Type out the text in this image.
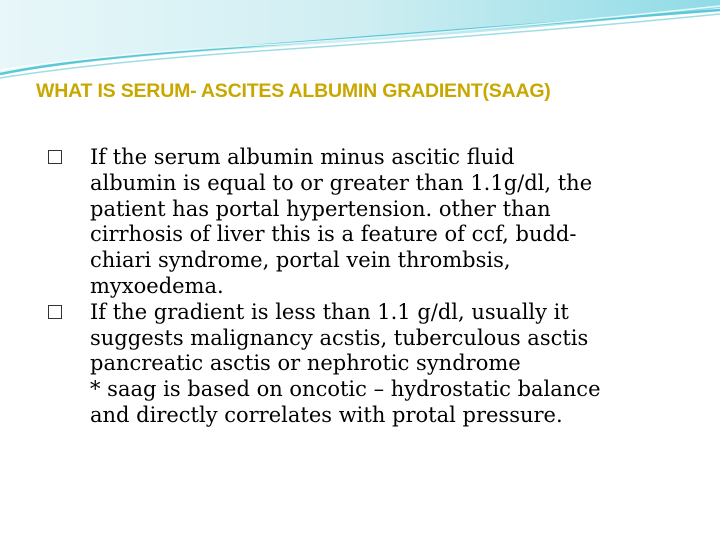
WHAT IS SERUM- ASCITES ALBUMIN GRADIENT(SAAG)
If the serum albumin minus ascitic fluid
albumin is equal to or greater than 1.1g/dl, the
patient has portal hypertension. other than
cirrhosis of liver this is a feature of ccf, budd-
chiari syndrome, portal vein thrombsis,
myxoedema.
If the gradient is less than 1.1 g/dl, usually it
suggests malignancy acstis, tuberculous asctis
pancreatic asctis or nephrotic syndrome
* saag is based on oncotic – hydrostatic balance
and directly correlates with protal pressure.
